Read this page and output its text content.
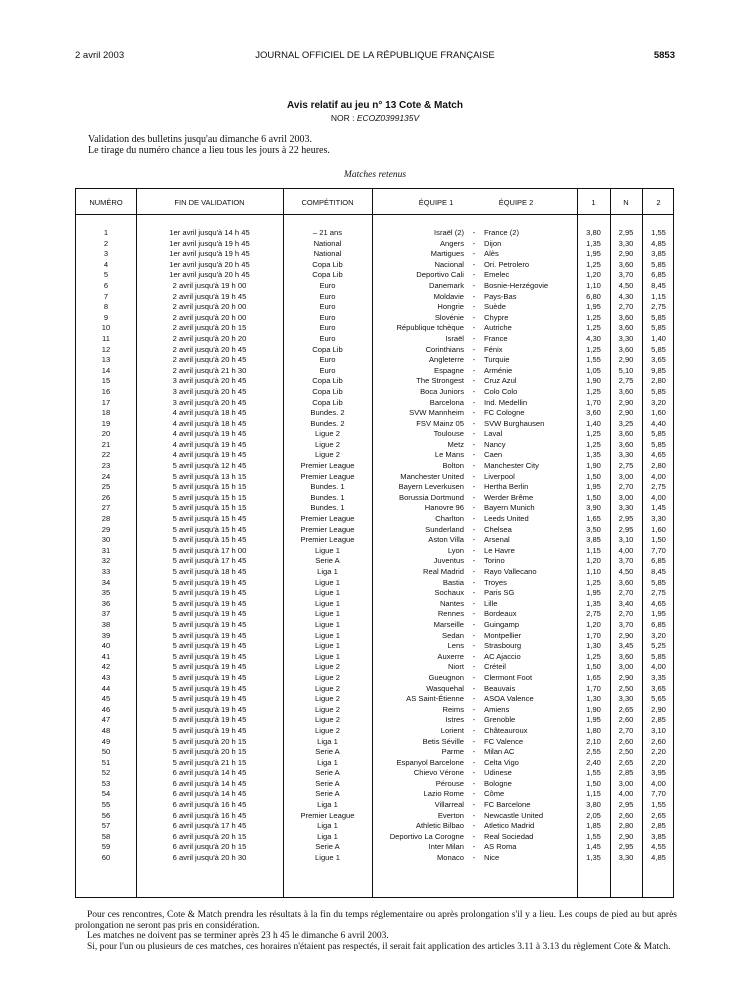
2 avril 2003	JOURNAL OFFICIEL DE LA RÉPUBLIQUE FRANÇAISE	5853
Avis relatif au jeu n° 13 Cote & Match
NOR : ECOZ0399135V
Validation des bulletins jusqu'au dimanche 6 avril 2003.
Le tirage du numéro chance a lieu tous les jours à 22 heures.
Matches retenus
NUMÉRO	FIN DE VALIDATION	COMPÉTITION	ÉQUIPE 1	ÉQUIPE 2	1	N	2
1	1er avril jusqu'à 14 h 45	– 21 ans	Israël (2)	-	France (2)	3,80	2,95	1,55
2	1er avril jusqu'à 19 h 45	National	Angers	-	Dijon	1,35	3,30	4,85
3	1er avril jusqu'à 19 h 45	National	Martigues	-	Alès	1,95	2,90	3,85
4	1er avril jusqu'à 20 h 45	Copa Lib	Nacional	-	Ori. Petrolero	1,25	3,60	5,85
5	1er avril jusqu'à 20 h 45	Copa Lib	Deportivo Cali	-	Emelec	1,20	3,70	6,85
6	2 avril jusqu'à 19 h 00	Euro	Danemark	-	Bosnie-Herzégovie	1,10	4,50	8,45
7	2 avril jusqu'à 19 h 45	Euro	Moldavie	-	Pays-Bas	6,80	4,30	1,15
8	2 avril jusqu'à 20 h 00	Euro	Hongrie	-	Suède	1,95	2,70	2,75
9	2 avril jusqu'à 20 h 00	Euro	Slovénie	-	Chypre	1,25	3,60	5,85
10	2 avril jusqu'à 20 h 15	Euro	République tchèque	-	Autriche	1,25	3,60	5,85
11	2 avril jusqu'à 20 h 20	Euro	Israël	-	France	4,30	3,30	1,40
12	2 avril jusqu'à 20 h 45	Copa Lib	Corinthians	-	Fénix	1,25	3,60	5,85
13	2 avril jusqu'à 20 h 45	Euro	Angleterre	-	Turquie	1,55	2,90	3,65
14	2 avril jusqu'à 21 h 30	Euro	Espagne	-	Arménie	1,05	5,10	9,85
15	3 avril jusqu'à 20 h 45	Copa Lib	The Strongest	-	Cruz Azul	1,90	2,75	2,80
16	3 avril jusqu'à 20 h 45	Copa Lib	Boca Juniors	-	Colo Colo	1,25	3,60	5,85
17	3 avril jusqu'à 20 h 45	Copa Lib	Barcelona	-	Ind. Medellin	1,70	2,90	3,20
18	4 avril jusqu'à 18 h 45	Bundes. 2	SVW Mannheim	-	FC Cologne	3,60	2,90	1,60
19	4 avril jusqu'à 18 h 45	Bundes. 2	FSV Mainz 05	-	SVW Burghausen	1,40	3,25	4,40
20	4 avril jusqu'à 19 h 45	Ligue 2	Toulouse	-	Laval	1,25	3,60	5,85
21	4 avril jusqu'à 19 h 45	Ligue 2	Metz	-	Nancy	1,25	3,60	5,85
22	4 avril jusqu'à 19 h 45	Ligue 2	Le Mans	-	Caen	1,35	3,30	4,65
23	5 avril jusqu'à 12 h 45	Premier League	Bolton	-	Manchester City	1,90	2,75	2,80
24	5 avril jusqu'à 13 h 15	Premier League	Manchester United	-	Liverpool	1,50	3,00	4,00
25	5 avril jusqu'à 15 h 15	Bundes. 1	Bayern Leverkusen	-	Hertha Berlin	1,95	2,70	2,75
26	5 avril jusqu'à 15 h 15	Bundes. 1	Borussia Dortmund	-	Werder Brême	1,50	3,00	4,00
27	5 avril jusqu'à 15 h 15	Bundes. 1	Hanovre 96	-	Bayern Munich	3,90	3,30	1,45
28	5 avril jusqu'à 15 h 45	Premier League	Charlton	-	Leeds United	1,65	2,95	3,30
29	5 avril jusqu'à 15 h 45	Premier League	Sunderland	-	Chelsea	3,50	2,95	1,60
30	5 avril jusqu'à 15 h 45	Premier League	Aston Villa	-	Arsenal	3,85	3,10	1,50
31	5 avril jusqu'à 17 h 00	Ligue 1	Lyon	-	Le Havre	1,15	4,00	7,70
32	5 avril jusqu'à 17 h 45	Serie A	Juventus	-	Torino	1,20	3,70	6,85
33	5 avril jusqu'à 18 h 45	Liga 1	Real Madrid	-	Rayo Vallecano	1,10	4,50	8,45
34	5 avril jusqu'à 19 h 45	Ligue 1	Bastia	-	Troyes	1,25	3,60	5,85
35	5 avril jusqu'à 19 h 45	Ligue 1	Sochaux	-	Paris SG	1,95	2,70	2,75
36	5 avril jusqu'à 19 h 45	Ligue 1	Nantes	-	Lille	1,35	3,40	4,65
37	5 avril jusqu'à 19 h 45	Ligue 1	Rennes	-	Bordeaux	2,75	2,70	1,95
38	5 avril jusqu'à 19 h 45	Ligue 1	Marseille	-	Guingamp	1,20	3,70	6,85
39	5 avril jusqu'à 19 h 45	Ligue 1	Sedan	-	Montpellier	1,70	2,90	3,20
40	5 avril jusqu'à 19 h 45	Ligue 1	Lens	-	Strasbourg	1,30	3,45	5,25
41	5 avril jusqu'à 19 h 45	Ligue 1	Auxerre	-	AC Ajaccio	1,25	3,60	5,85
42	5 avril jusqu'à 19 h 45	Ligue 2	Niort	-	Créteil	1,50	3,00	4,00
43	5 avril jusqu'à 19 h 45	Ligue 2	Gueugnon	-	Clermont Foot	1,65	2,90	3,35
44	5 avril jusqu'à 19 h 45	Ligue 2	Wasquehal	-	Beauvais	1,70	2,50	3,65
45	5 avril jusqu'à 19 h 45	Ligue 2	AS Saint-Étienne	-	ASOA Valence	1,30	3,30	5,65
46	5 avril jusqu'à 19 h 45	Ligue 2	Reims	-	Amiens	1,90	2,65	2,90
47	5 avril jusqu'à 19 h 45	Ligue 2	Istres	-	Grenoble	1,95	2,60	2,85
48	5 avril jusqu'à 19 h 45	Ligue 2	Lorient	-	Châteauroux	1,80	2,70	3,10
49	5 avril jusqu'à 20 h 15	Liga 1	Betis Séville	-	FC Valence	2,10	2,60	2,60
50	5 avril jusqu'à 20 h 15	Serie A	Parme	-	Milan AC	2,55	2,50	2,20
51	5 avril jusqu'à 21 h 15	Liga 1	Espanyol Barcelone	-	Celta Vigo	2,40	2,65	2,20
52	6 avril jusqu'à 14 h 45	Serie A	Chievo Vérone	-	Udinese	1,55	2,85	3,95
53	6 avril jusqu'à 14 h 45	Serie A	Pérouse	-	Bologne	1,50	3,00	4,00
54	6 avril jusqu'à 14 h 45	Serie A	Lazio Rome	-	Côme	1,15	4,00	7,70
55	6 avril jusqu'à 16 h 45	Liga 1	Villarreal	-	FC Barcelone	3,80	2,95	1,55
56	6 avril jusqu'à 16 h 45	Premier League	Everton	-	Newcastle United	2,05	2,60	2,65
57	6 avril jusqu'à 17 h 45	Liga 1	Athletic Bilbao	-	Atletico Madrid	1,85	2,80	2,85
58	6 avril jusqu'à 20 h 15	Liga 1	Deportivo La Corogne	-	Real Sociedad	1,55	2,90	3,85
59	6 avril jusqu'à 20 h 15	Serie A	Inter Milan	-	AS Roma	1,45	2,95	4,55
60	6 avril jusqu'à 20 h 30	Ligue 1	Monaco	-	Nice	1,35	3,30	4,85

Pour ces rencontres, Cote & Match prendra les résultats à la fin du temps réglementaire ou après prolongation s'il y a lieu. Les coups de pied au but après prolongation ne seront pas pris en considération.

Les matches ne doivent pas se terminer après 23 h 45 le dimanche 6 avril 2003.

Si, pour l'un ou plusieurs de ces matches, ces horaires n'étaient pas respectés, il serait fait application des articles 3.11 à 3.13 du règlement Cote & Match.
